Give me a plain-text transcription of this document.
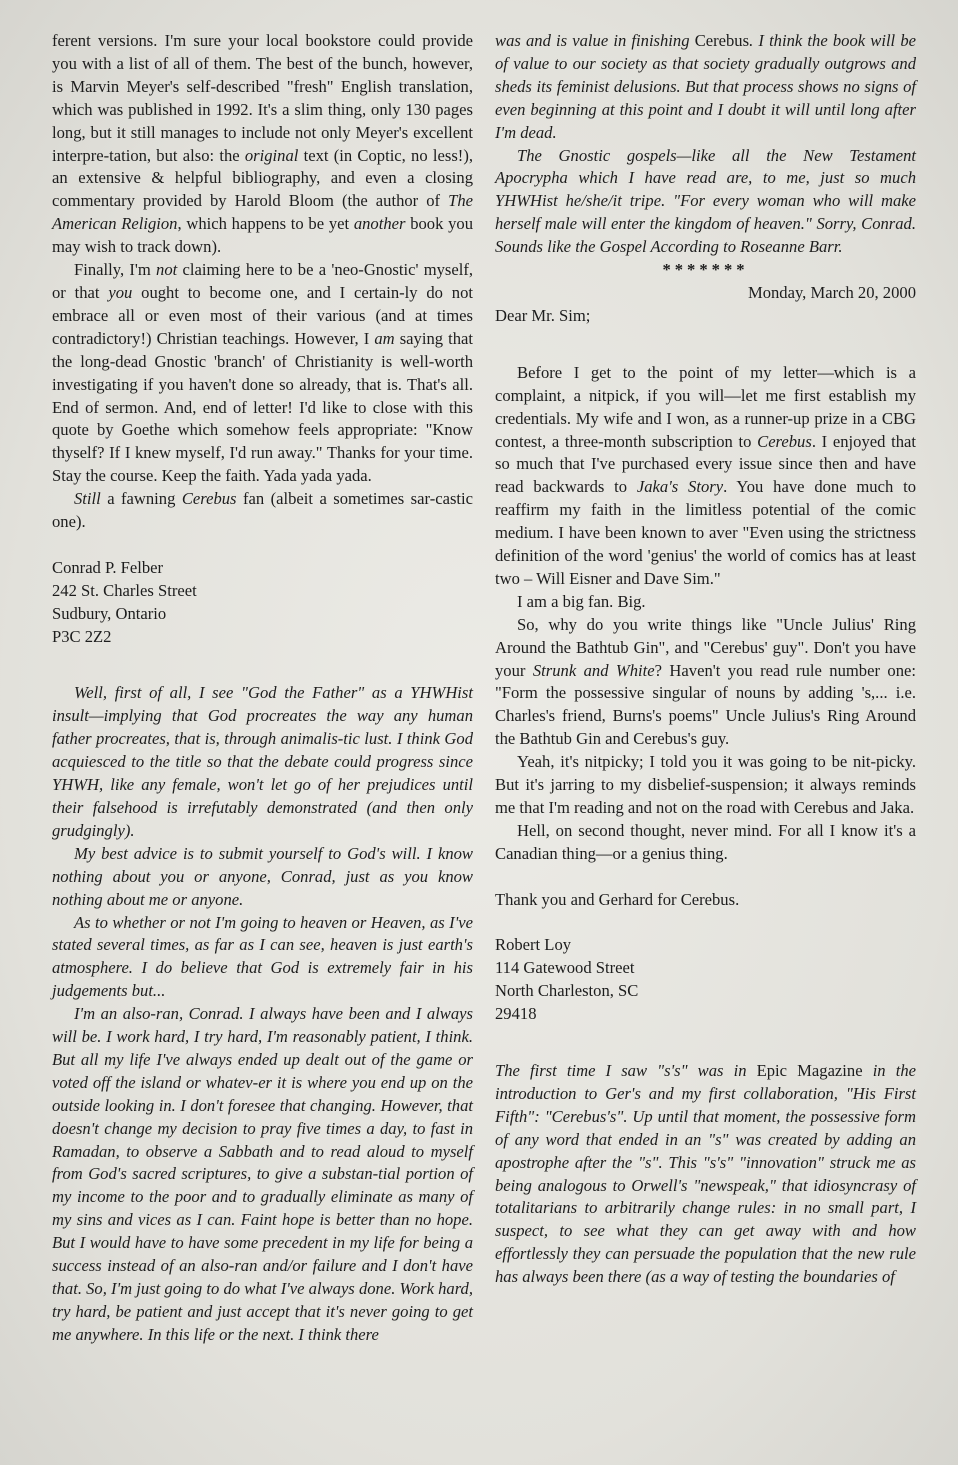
ferent versions. I'm sure your local bookstore could provide you with a list of all of them. The best of the bunch, however, is Marvin Meyer's self-described "fresh" English translation, which was published in 1992. It's a slim thing, only 130 pages long, but it still manages to include not only Meyer's excellent interpre-tation, but also: the original text (in Coptic, no less!), an extensive & helpful bibliography, and even a closing commentary provided by Harold Bloom (the author of The American Religion, which happens to be yet another book you may wish to track down).

Finally, I'm not claiming here to be a 'neo-Gnostic' myself, or that you ought to become one, and I certain-ly do not embrace all or even most of their various (and at times contradictory!) Christian teachings. However, I am saying that the long-dead Gnostic 'branch' of Christianity is well-worth investigating if you haven't done so already, that is. That's all. End of sermon. And, end of letter! I'd like to close with this quote by Goethe which somehow feels appropriate: "Know thyself? If I knew myself, I'd run away." Thanks for your time. Stay the course. Keep the faith. Yada yada yada.

Still a fawning Cerebus fan (albeit a sometimes sar-castic one).

Conrad P. Felber

242 St. Charles Street

Sudbury, Ontario

P3C 2Z2

Well, first of all, I see "God the Father" as a YHWHist insult—implying that God procreates the way any human father procreates, that is, through animalis-tic lust. I think God acquiesced to the title so that the debate could progress since YHWH, like any female, won't let go of her prejudices until their falsehood is irrefutably demonstrated (and then only grudgingly).

My best advice is to submit yourself to God's will. I know nothing about you or anyone, Conrad, just as you know nothing about me or anyone.

As to whether or not I'm going to heaven or Heaven, as I've stated several times, as far as I can see, heaven is just earth's atmosphere. I do believe that God is extremely fair in his judgements but...

I'm an also-ran, Conrad. I always have been and I always will be. I work hard, I try hard, I'm reasonably patient, I think. But all my life I've always ended up dealt out of the game or voted off the island or whatev-er it is where you end up on the outside looking in. I don't foresee that changing. However, that doesn't change my decision to pray five times a day, to fast in Ramadan, to observe a Sabbath and to read aloud to myself from God's sacred scriptures, to give a substan-tial portion of my income to the poor and to gradually eliminate as many of my sins and vices as I can. Faint hope is better than no hope. But I would have to have some precedent in my life for being a success instead of an also-ran and/or failure and I don't have that. So, I'm just going to do what I've always done. Work hard, try hard, be patient and just accept that it's never going to get me anywhere. In this life or the next. I think there

was and is value in finishing Cerebus. I think the book will be of value to our society as that society gradually outgrows and sheds its feminist delusions. But that process shows no signs of even beginning at this point and I doubt it will until long after I'm dead.

The Gnostic gospels—like all the New Testament Apocrypha which I have read are, to me, just so much YHWHist he/she/it tripe. "For every woman who will make herself male will enter the kingdom of heaven." Sorry, Conrad. Sounds like the Gospel According to Roseanne Barr.

*******

Monday, March 20, 2000

Dear Mr. Sim;

Before I get to the point of my letter—which is a complaint, a nitpick, if you will—let me first establish my credentials. My wife and I won, as a runner-up prize in a CBG contest, a three-month subscription to Cerebus. I enjoyed that so much that I've purchased every issue since then and have read backwards to Jaka's Story. You have done much to reaffirm my faith in the limitless potential of the comic medium. I have been known to aver "Even using the strictness definition of the word 'genius' the world of comics has at least two – Will Eisner and Dave Sim."

I am a big fan. Big.

So, why do you write things like "Uncle Julius' Ring Around the Bathtub Gin", and "Cerebus' guy". Don't you have your Strunk and White? Haven't you read rule number one: "Form the possessive singular of nouns by adding 's,... i.e. Charles's friend, Burns's poems" Uncle Julius's Ring Around the Bathtub Gin and Cerebus's guy.

Yeah, it's nitpicky; I told you it was going to be nit-picky. But it's jarring to my disbelief-suspension; it always reminds me that I'm reading and not on the road with Cerebus and Jaka.

Hell, on second thought, never mind. For all I know it's a Canadian thing—or a genius thing.

Thank you and Gerhard for Cerebus.

Robert Loy

114 Gatewood Street

North Charleston, SC

29418

The first time I saw "s's" was in Epic Magazine in the introduction to Ger's and my first collaboration, "His First Fifth": "Cerebus's". Up until that moment, the possessive form of any word that ended in an "s" was created by adding an apostrophe after the "s". This "s's" "innovation" struck me as being analogous to Orwell's "newspeak," that idiosyncrasy of totalitarians to arbitrarily change rules: in no small part, I suspect, to see what they can get away with and how effortlessly they can persuade the population that the new rule has always been there (as a way of testing the boundaries of
